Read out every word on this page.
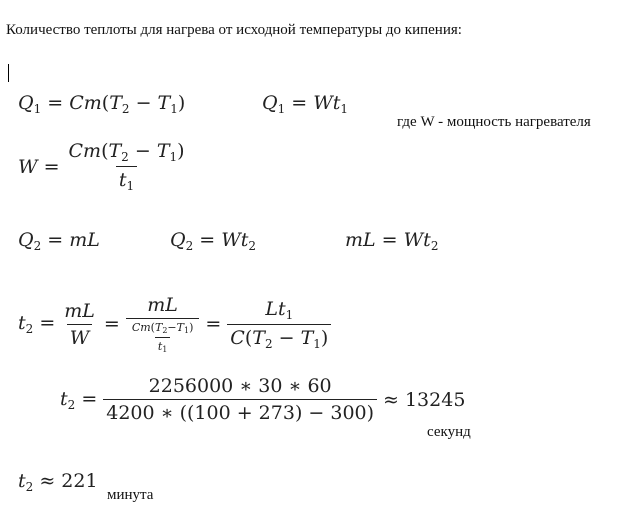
Количество теплоты для нагрева от исходной температуры до кипения:
$Q_1 = Cm(T_2 - T_1)$	$Q_1 = Wt_1$
где W - мощность нагревателя
$W = \frac{Cm(T_2 - T_1)}{t_1}$
$Q_2$ = mL	$Q_2 = Wt_2$	mL = $Wt_2$
$t_2 = \frac{mL}{W} = \frac{mL}{\frac{Cm(T_2-T_1)}{t_1}} = \frac{Lt_1}{C(T_2 - T_1)}$
$t_2 = \frac{2256000 ∗ 30 ∗ 60}{4200 ∗ ((100 + 273) - 300)} \approx 13245$
секунд
$t_2 \approx 221$
минута
